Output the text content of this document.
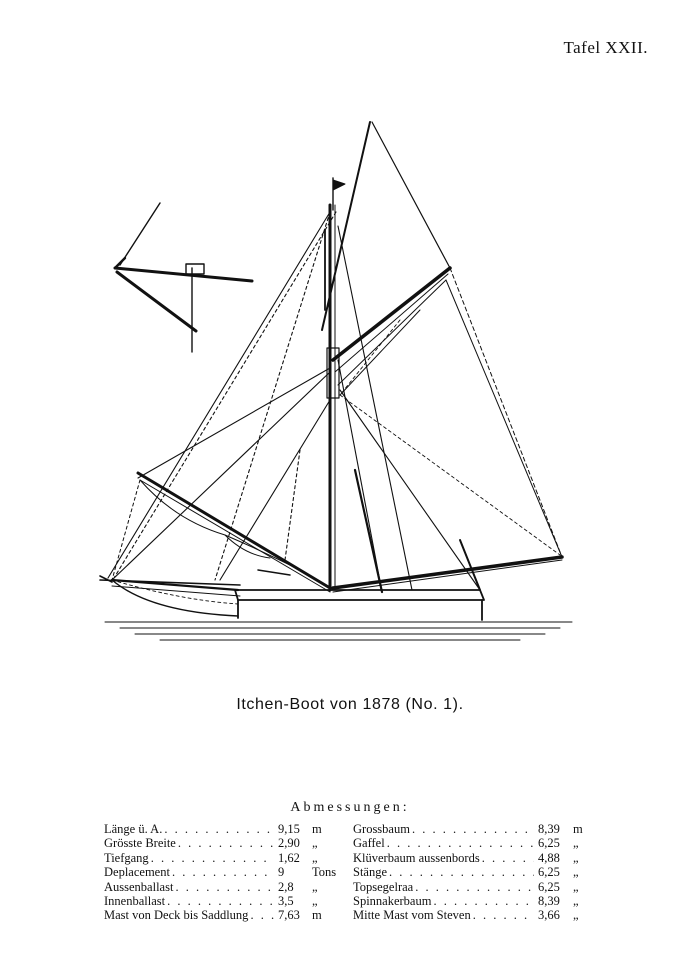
Tafel XXII.
Itchen-Boot von 1878 (No. 1).
Abmessungen:
Länge ü. A. . . .	9,15 m
Grösste Breite . . .	2,90 „
Tiefgang . . .	1,62 „
Deplacement . . .	9	Tons
Aussenballast . . .	2,8	„
Innenballast . . .	3,5	„
Mast von Deck bis Saddlung . . . 7,63 m
Grossbaum . . .	8,39	m
Gaffel . . .	6,25	„
Klüverbaum aussenbords . . .	4,88	„
Stänge . . .	6,25	„
Topsegelraa . . .	6,25	„
Spinnakerbaum . . .	8,39	„
Mitte Mast vom Steven . . .	3,66	„
